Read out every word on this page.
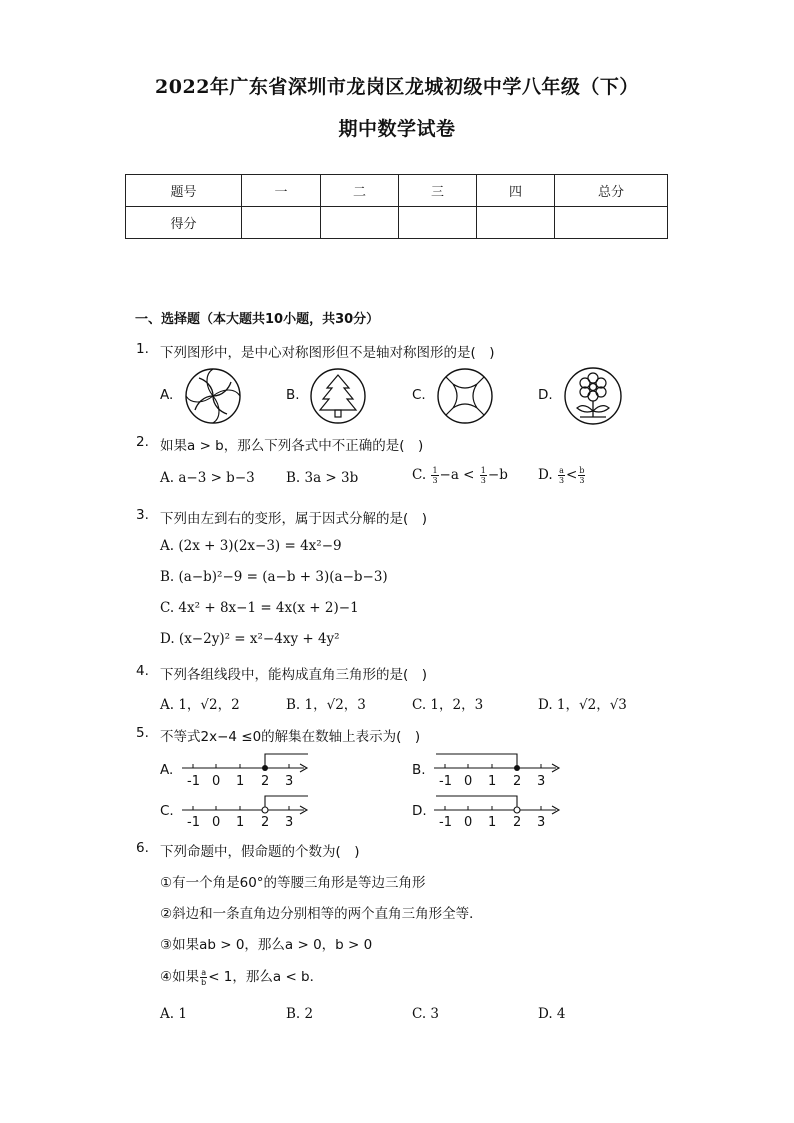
2022年广东省深圳市龙岗区龙城初级中学八年级（下）
期中数学试卷
题号	一	二	三	四	总分
得分					
一、选择题（本大题共10小题，共30分）
1. 下列图形中，是中心对称图形但不是轴对称图形的是(　)
A.	B.	C.	D.
2. 如果a > b，那么下列各式中不正确的是(　)
A. a−3 > b−3 B. 3a > 3b	C. $\frac{1}{3} -a < \frac{1}{3} -b$ D. $\frac{a}{3} < \frac{b}{3}$
3. 下列由左到右的变形，属于因式分解的是(　)
A. (2x + 3)(2x−3) = 4x²−9
B. (a−b)²−9 = (a−b + 3)(a−b−3)
C. 4x² + 8x−1 = 4x(x + 2)−1
D. (x−2y)² = x²−4xy + 4y²
4. 下列各组线段中，能构成直角三角形的是(　)
A. 1，√2，2	B. 1，√2，3	C. 1，2，3	D. 1，√2，√3
5. 不等式2x−4 ≤0的解集在数轴上表示为(　)
A.
-1 0 1 2 3
B.
-1 0 1 2 3
C.
-1 0 1 2 3
D.
-1 0 1 2 3
6. 下列命题中，假命题的个数为(　)
①有一个角是60°的等腰三角形是等边三角形
②斜边和一条直角边分别相等的两个直角三角形全等．
③如果ab > 0，那么a > 0，b > 0
④如果 $\frac{a}{b} < 1$，那么a < b．
A. 1	B. 2	C. 3	D. 4
